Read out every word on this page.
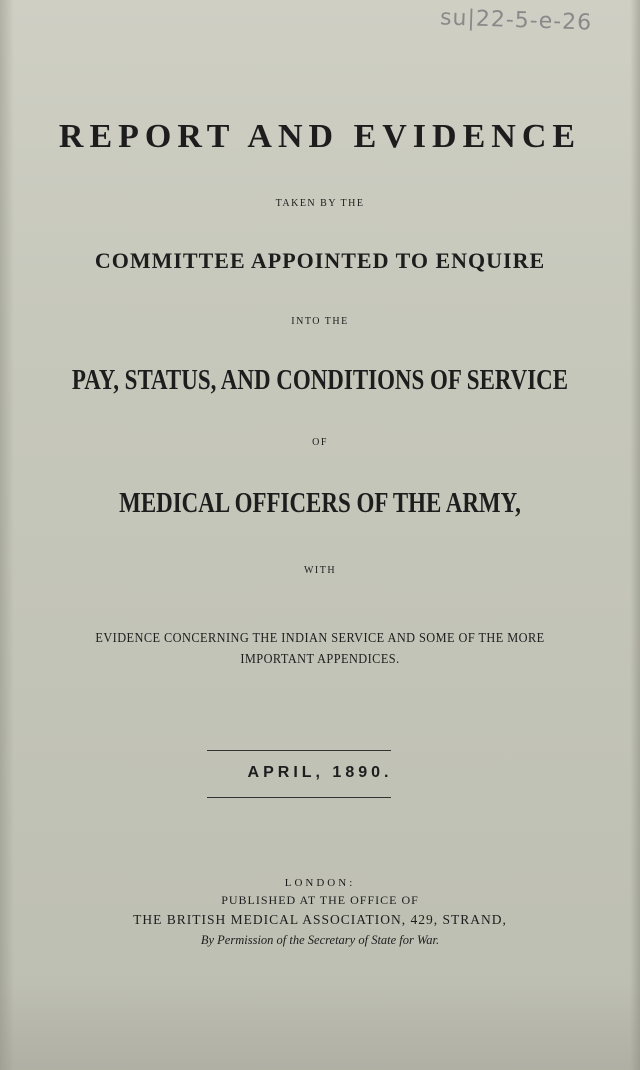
su|22-5-e-26
REPORT AND EVIDENCE
TAKEN BY THE
COMMITTEE APPOINTED TO ENQUIRE
INTO THE
PAY, STATUS, AND CONDITIONS OF SERVICE
OF
MEDICAL OFFICERS OF THE ARMY,
WITH
EVIDENCE CONCERNING THE INDIAN SERVICE AND SOME OF THE MORE
IMPORTANT APPENDICES.
APRIL, 1890.
LONDON:
PUBLISHED AT THE OFFICE OF
THE BRITISH MEDICAL ASSOCIATION, 429, STRAND,
By Permission of the Secretary of State for War.
